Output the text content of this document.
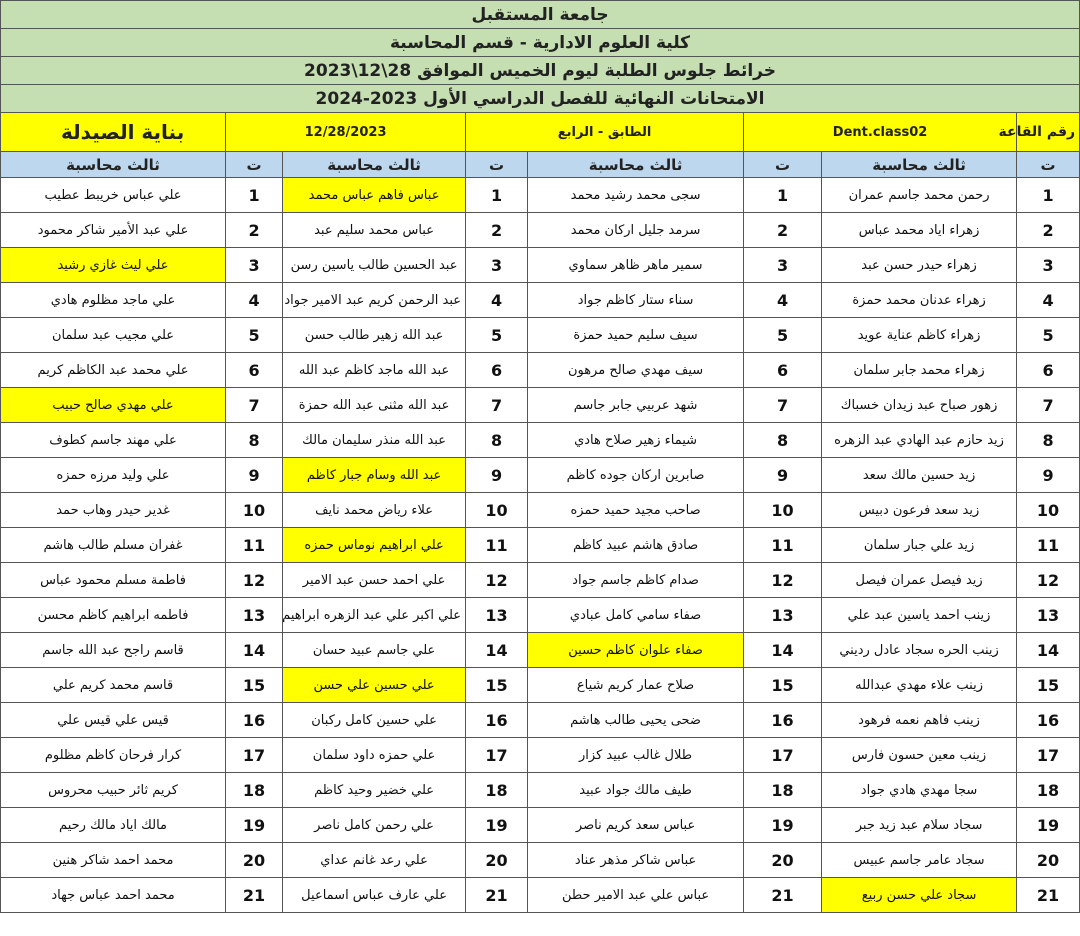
جامعة المستقبل							
كلية العلوم الادارية - قسم المحاسبة							
خرائط جلوس الطلبة ليوم الخميس الموافق 28\12\2023							
الامتحانات النهائية للفصل الدراسي الأول 2023-2024							
رقم القاعة	Dent.class02		الطابق - الرابع		12/28/2023		بناية الصيدلة
ت	ثالث محاسبة	ت	ثالث محاسبة	ت	ثالث محاسبة	ت	ثالث محاسبة
1	رحمن محمد جاسم عمران	1	سجى محمد رشيد محمد	1	عباس فاهم عباس محمد	1	علي عباس خريبط عطيب
2	زهراء اياد محمد عباس	2	سرمد جليل اركان محمد	2	عباس محمد سليم عبد	2	علي عبد الأمير شاكر محمود
3	زهراء حيدر حسن عبد	3	سمير ماهر ظاهر سماوي	3	عبد الحسين طالب ياسين رسن	3	علي ليث غازي رشيد
4	زهراء عدنان محمد حمزة	4	سناء ستار كاظم جواد	4	عبد الرحمن كريم عبد الامير جواد	4	علي ماجد مظلوم هادي
5	زهراء كاظم عناية عويد	5	سيف سليم حميد حمزة	5	عبد الله زهير طالب حسن	5	علي مجيب عبد سلمان
6	زهراء محمد جابر سلمان	6	سيف مهدي صالح مرهون	6	عبد الله ماجد كاظم عبد الله	6	علي محمد عبد الكاظم كريم
7	زهور صباح عبد زيدان خسباك	7	شهد عربيي جابر جاسم	7	عبد الله مثنى عبد الله حمزة	7	علي مهدي صالح حبيب
8	زيد حازم عبد الهادي عبد الزهره	8	شيماء زهير صلاح هادي	8	عبد الله منذر سليمان مالك	8	علي مهند جاسم كطوف
9	زيد حسين مالك سعد	9	صابرين اركان جوده كاظم	9	عبد الله وسام جبار كاظم	9	علي وليد مرزه حمزه
10	زيد سعد فرعون دبيس	10	صاحب مجيد حميد حمزه	10	علاء رياض محمد نايف	10	غدير حيدر وهاب حمد
11	زيد علي جبار سلمان	11	صادق هاشم عبيد كاظم	11	علي ابراهيم نوماس حمزه	11	غفران مسلم طالب هاشم
12	زيد فيصل عمران فيصل	12	صدام كاظم جاسم جواد	12	علي احمد حسن عبد الامير	12	فاطمة مسلم محمود عباس
13	زينب احمد ياسين عبد علي	13	صفاء سامي كامل عبادي	13	علي اكبر علي عبد الزهره ابراهيم	13	فاطمه ابراهيم كاظم محسن
14	زينب الحره سجاد عادل رديني	14	صفاء علوان كاظم حسين	14	علي جاسم عبيد حسان	14	قاسم راجح عبد الله جاسم
15	زينب علاء مهدي عبدالله	15	صلاح عمار كريم شياع	15	علي حسين علي حسن	15	قاسم محمد كريم علي
16	زينب فاهم نعمه فرهود	16	ضحى يحيى طالب هاشم	16	علي حسين كامل ركبان	16	قيس علي قيس علي
17	زينب معين حسون فارس	17	طلال غالب عبيد كزار	17	علي حمزه داود سلمان	17	كرار فرحان كاظم مظلوم
18	سجا مهدي هادي جواد	18	طيف مالك جواد عبيد	18	علي خضير وحيد كاظم	18	كريم ثائر حبيب محروس
19	سجاد سلام عبد زيد جبر	19	عباس سعد كريم ناصر	19	علي رحمن كامل ناصر	19	مالك اياد مالك رحيم
20	سجاد عامر جاسم عبيس	20	عباس شاكر مذهر عناد	20	علي رعد غانم عداي	20	محمد احمد شاكر هنين
21	سجاد علي حسن ربيع	21	عباس علي عبد الامير حطن	21	علي عارف عباس اسماعيل	21	محمد احمد عباس جهاد
